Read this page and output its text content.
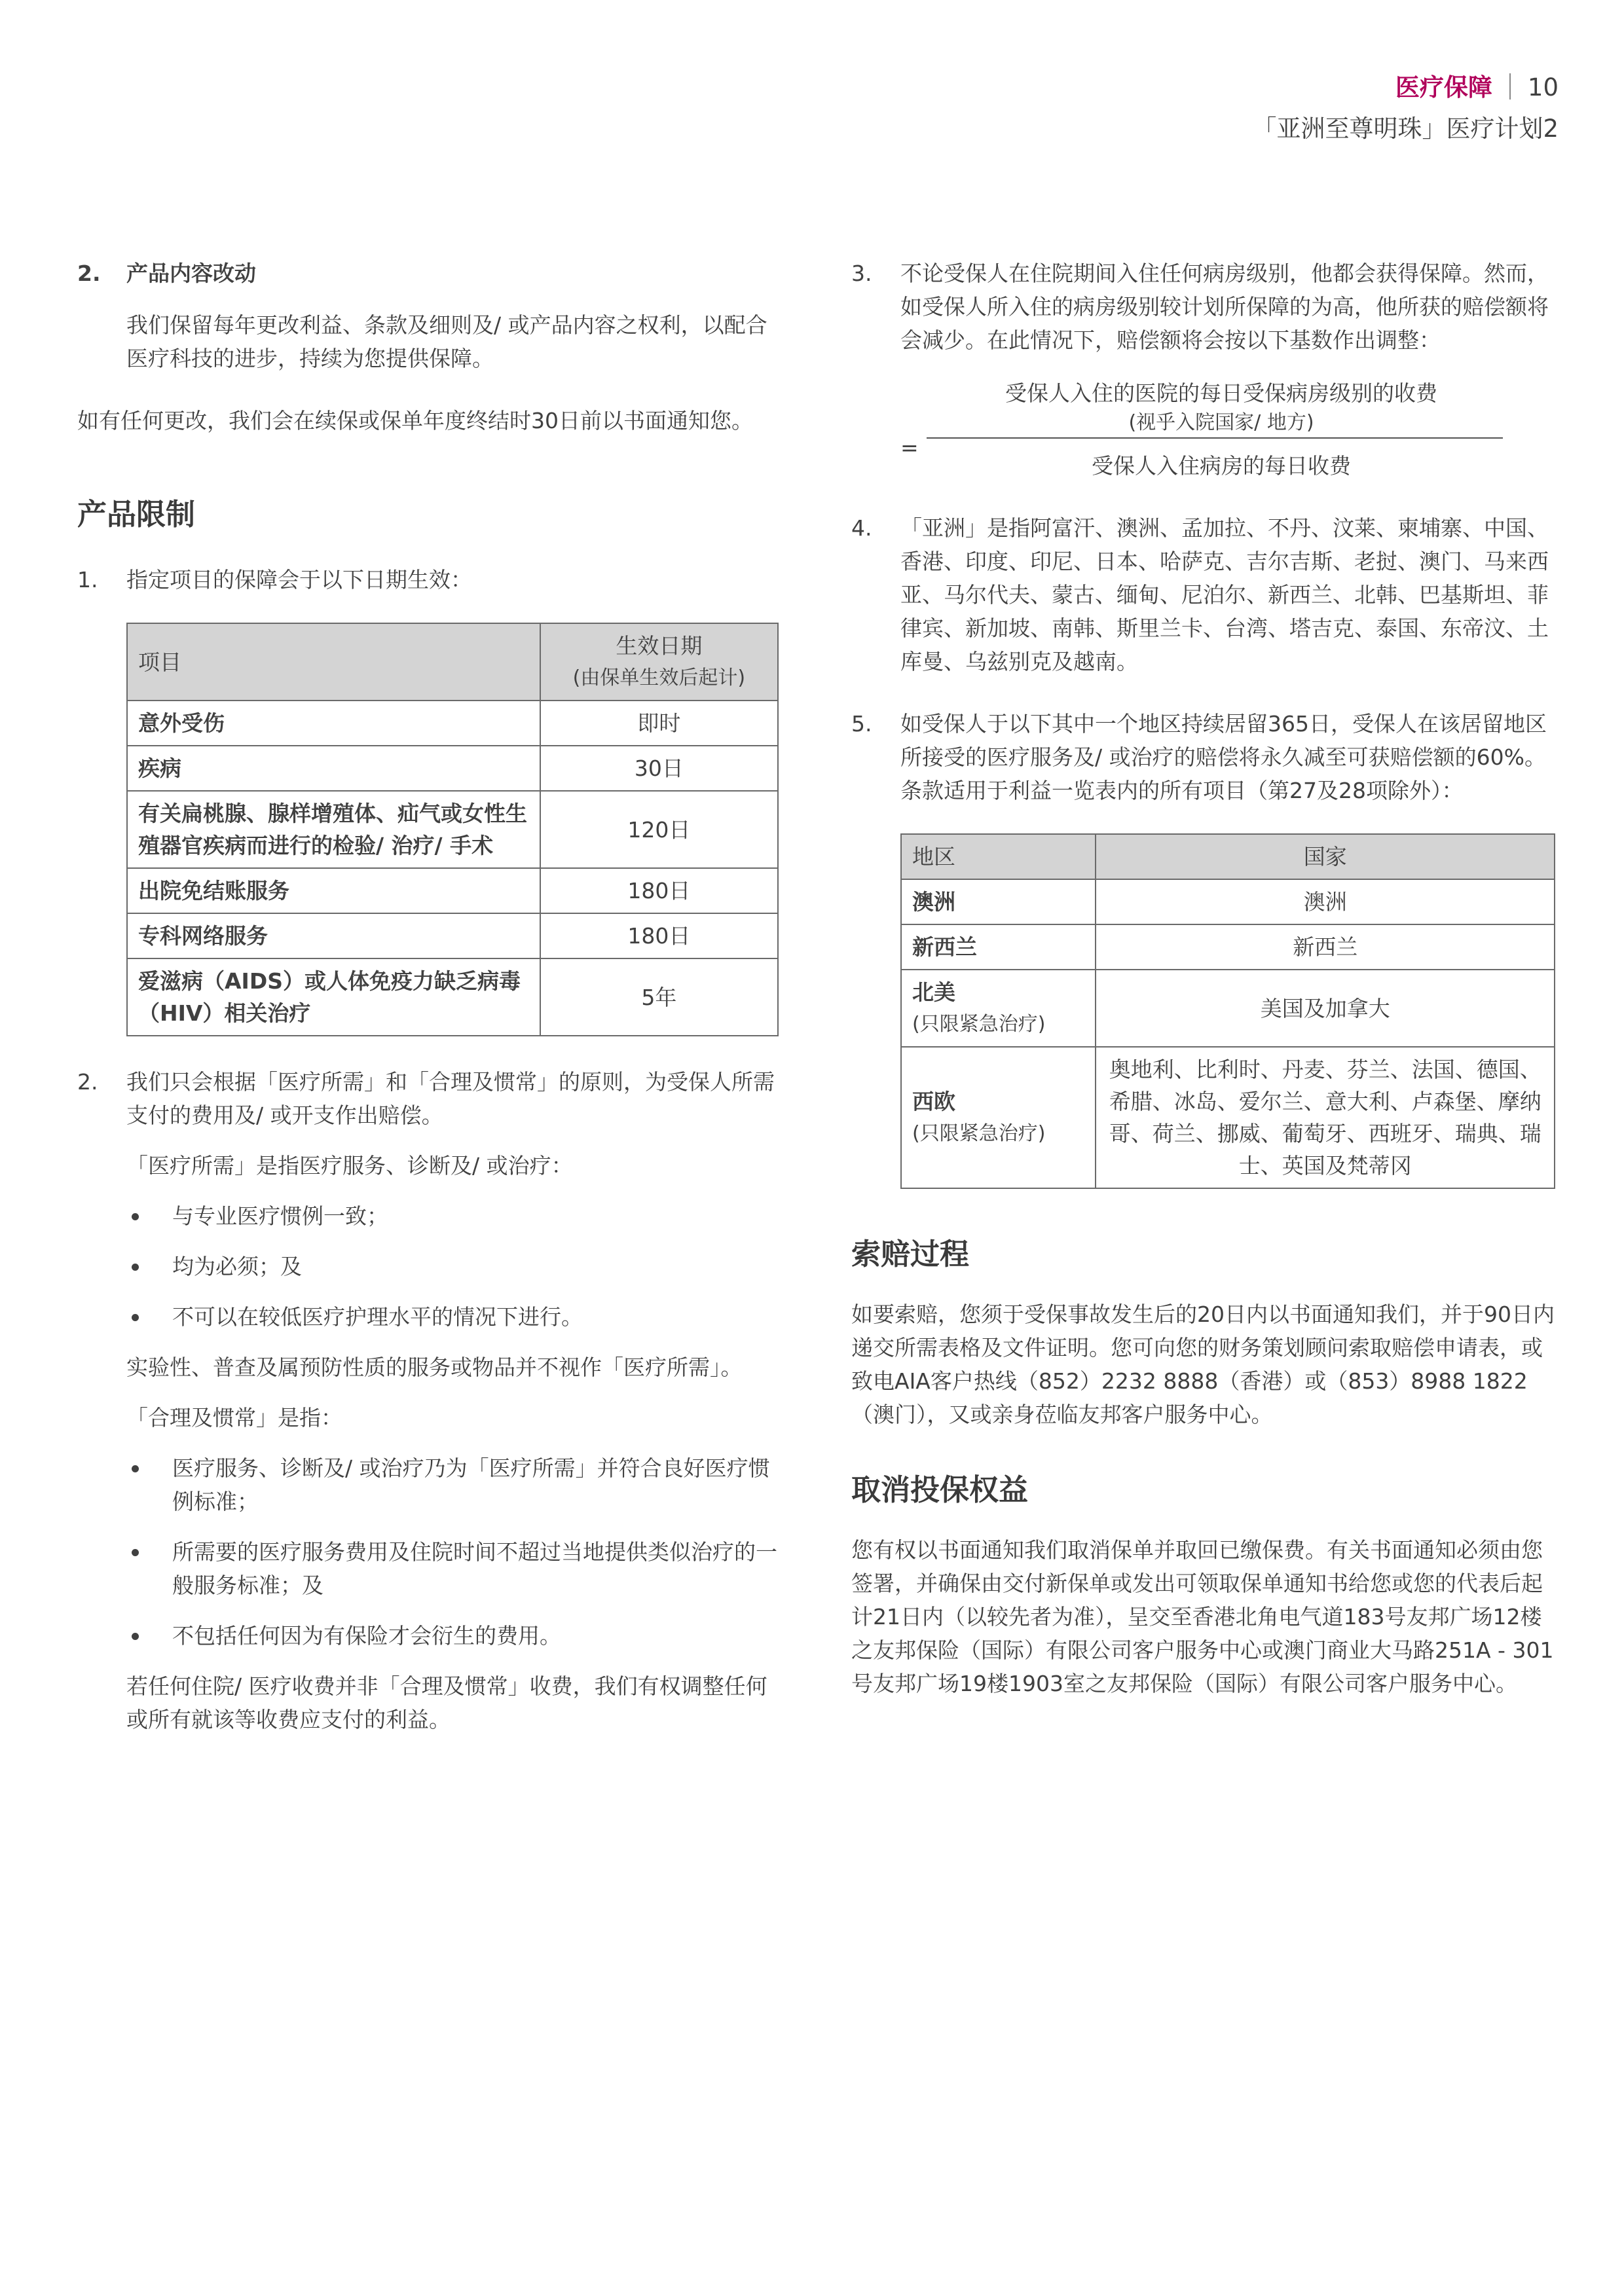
医疗保障 10
「亚洲至尊明珠」医疗计划2
2. 产品内容改动

我们保留每年更改利益、条款及细则及/ 或产品内容之权利，以配合医疗科技的进步，持续为您提供保障。

如有任何更改，我们会在续保或保单年度终结时30日前以书面通知您。

产品限制
1. 指定项目的保障会于以下日期生效：
项目	生效日期
(由保单生效后起计)

意外受伤	即时
疾病	30日
有关扁桃腺、腺样增殖体、疝气或女性生殖器官疾病而进行的检验/ 治疗/ 手术	120日
出院免结账服务	180日
专科网络服务	180日
爱滋病（AIDS）或人体免疫力缺乏病毒（HIV）相关治疗	5年
2. 我们只会根据「医疗所需」和「合理及惯常」的原则，为受保人所需支付的费用及/ 或开支作出赔偿。

「医疗所需」是指医疗服务、诊断及/ 或治疗：

与专业医疗惯例一致；
均为必须；及
不可以在较低医疗护理水平的情况下进行。

实验性、普查及属预防性质的服务或物品并不视作「医疗所需」。

「合理及惯常」是指：

医疗服务、诊断及/ 或治疗乃为「医疗所需」并符合良好医疗惯例标准；
所需要的医疗服务费用及住院时间不超过当地提供类似治疗的一般服务标准；及
不包括任何因为有保险才会衍生的费用。

若任何住院/ 医疗收费并非「合理及惯常」收费，我们有权调整任何或所有就该等收费应支付的利益。

3. 不论受保人在住院期间入住任何病房级别，他都会获得保障。然而，如受保人所入住的病房级别较计划所保障的为高，他所获的赔偿额将会减少。在此情况下，赔偿额将会按以下基数作出调整：
受保人入住的医院的每日受保病房级别的收费
(视乎入院国家/ 地方)
=
受保人入住病房的每日收费
4. 「亚洲」是指阿富汗、澳洲、孟加拉、不丹、汶莱、柬埔寨、中国、香港、印度、印尼、日本、哈萨克、吉尔吉斯、老挝、澳门、马来西亚、马尔代夫、蒙古、缅甸、尼泊尔、新西兰、北韩、巴基斯坦、菲律宾、新加坡、南韩、斯里兰卡、台湾、塔吉克、泰国、东帝汶、土库曼、乌兹别克及越南。
5. 如受保人于以下其中一个地区持续居留365日，受保人在该居留地区所接受的医疗服务及/ 或治疗的赔偿将永久减至可获赔偿额的60%。条款适用于利益一览表内的所有项目（第27及28项除外）：
地区	国家
澳洲	澳洲
新西兰	新西兰

北美
(只限紧急治疗)	美国及加拿大

西欧
(只限紧急治疗)	奥地利、比利时、丹麦、芬兰、法国、德国、希腊、冰岛、爱尔兰、意大利、卢森堡、摩纳哥、荷兰、挪威、葡萄牙、西班牙、瑞典、瑞士、英国及梵蒂冈
索赔过程

如要索赔，您须于受保事故发生后的20日内以书面通知我们，并于90日内递交所需表格及文件证明。您可向您的财务策划顾问索取赔偿申请表，或致电AIA客户热线（852）2232 8888（香港）或（853）8988 1822（澳门），又或亲身莅临友邦客户服务中心。

取消投保权益

您有权以书面通知我们取消保单并取回已缴保费。有关书面通知必须由您签署，并确保由交付新保单或发出可领取保单通知书给您或您的代表后起计21日内（以较先者为准），呈交至香港北角电气道183号友邦广场12楼之友邦保险（国际）有限公司客户服务中心或澳门商业大马路251A - 301号友邦广场19楼1903室之友邦保险（国际）有限公司客户服务中心。
